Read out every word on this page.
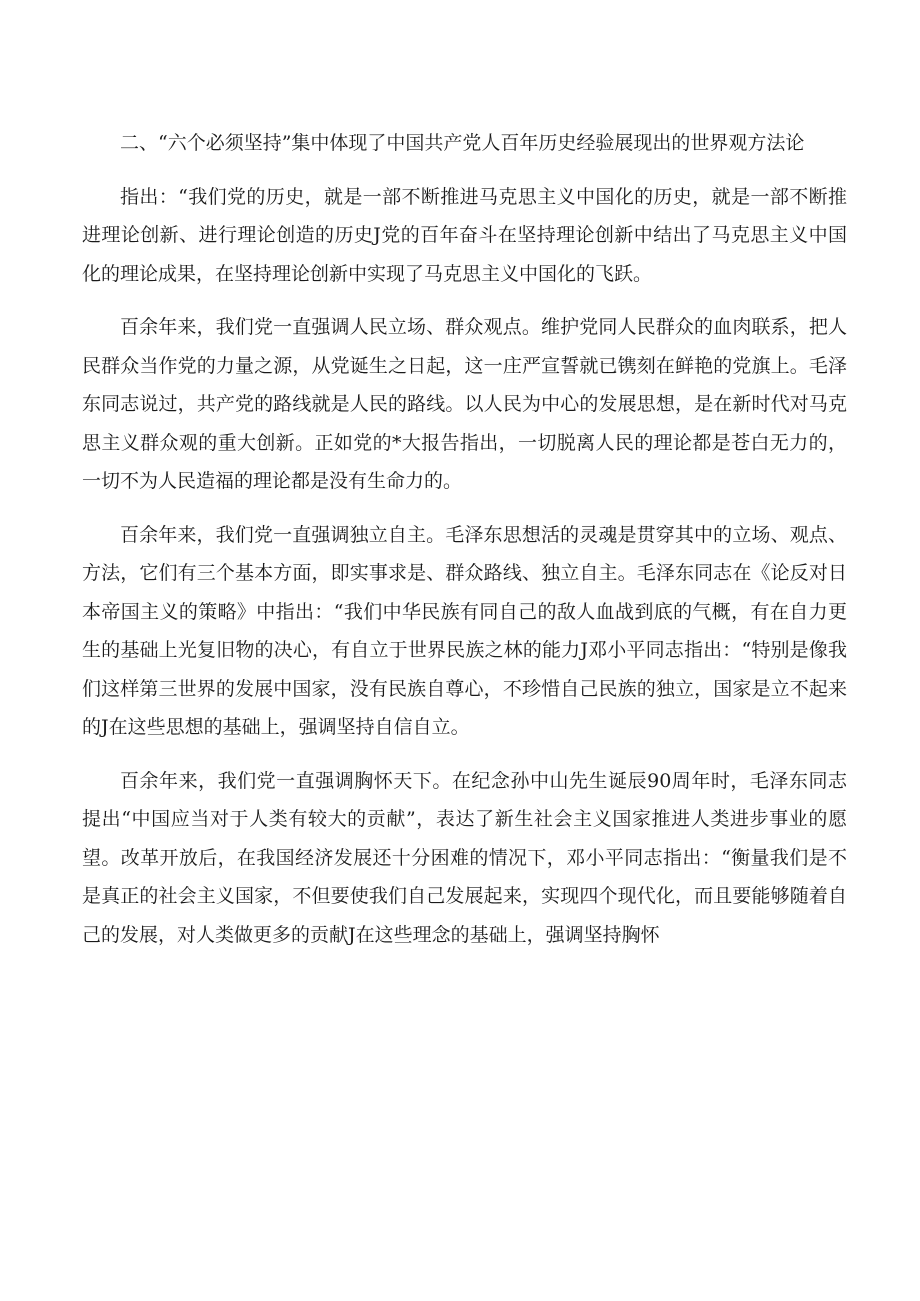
二、“六个必须坚持”集中体现了中国共产党人百年历史经验展现出的世界观方法论

指出：“我们党的历史，就是一部不断推进马克思主义中国化的历史，就是一部不断推进理论创新、进行理论创造的历史J党的百年奋斗在坚持理论创新中结出了马克思主义中国化的理论成果，在坚持理论创新中实现了马克思主义中国化的飞跃。

百余年来，我们党一直强调人民立场、群众观点。维护党同人民群众的血肉联系，把人民群众当作党的力量之源，从党诞生之日起，这一庄严宣誓就已镌刻在鲜艳的党旗上。毛泽东同志说过，共产党的路线就是人民的路线。以人民为中心的发展思想，是在新时代对马克思主义群众观的重大创新。正如党的*大报告指出，一切脱离人民的理论都是苍白无力的，一切不为人民造福的理论都是没有生命力的。

百余年来，我们党一直强调独立自主。毛泽东思想活的灵魂是贯穿其中的立场、观点、方法，它们有三个基本方面，即实事求是、群众路线、独立自主。毛泽东同志在《论反对日本帝国主义的策略》中指出：“我们中华民族有同自己的敌人血战到底的气概，有在自力更生的基础上光复旧物的决心，有自立于世界民族之林的能力J邓小平同志指出：“特别是像我们这样第三世界的发展中国家，没有民族自尊心，不珍惜自己民族的独立，国家是立不起来的J在这些思想的基础上，强调坚持自信自立。

百余年来，我们党一直强调胸怀天下。在纪念孙中山先生诞辰90周年时，毛泽东同志提出“中国应当对于人类有较大的贡献”，表达了新生社会主义国家推进人类进步事业的愿望。改革开放后，在我国经济发展还十分困难的情况下，邓小平同志指出：“衡量我们是不是真正的社会主义国家，不但要使我们自己发展起来，实现四个现代化，而且要能够随着自己的发展，对人类做更多的贡献J在这些理念的基础上，强调坚持胸怀
